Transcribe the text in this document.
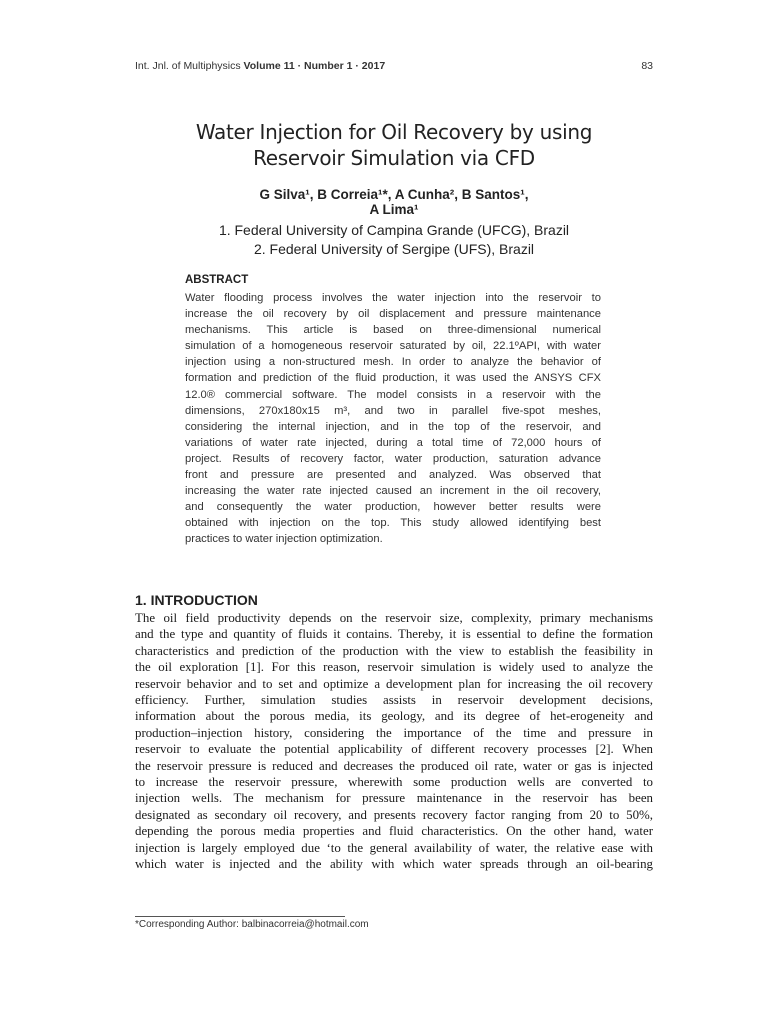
Int. Jnl. of Multiphysics Volume 11 · Number 1 · 2017	83
Water Injection for Oil Recovery by using
Reservoir Simulation via CFD
G Silva¹, B Correia¹*, A Cunha², B Santos¹,
A Lima¹
1. Federal University of Campina Grande (UFCG), Brazil
2. Federal University of Sergipe (UFS), Brazil
ABSTRACT
Water flooding process involves the water injection into the reservoir to
increase the oil recovery by oil displacement and pressure maintenance
mechanisms. This article is based on three-dimensional numerical
simulation of a homogeneous reservoir saturated by oil, 22.1ºAPI, with water
injection using a non-structured mesh. In order to analyze the behavior of
formation and prediction of the fluid production, it was used the ANSYS CFX
12.0® commercial software. The model consists in a reservoir with the
dimensions, 270x180x15 m³, and two in parallel five-spot meshes,
considering the internal injection, and in the top of the reservoir, and
variations of water rate injected, during a total time of 72,000 hours of
project. Results of recovery factor, water production, saturation advance
front and pressure are presented and analyzed. Was observed that
increasing the water rate injected caused an increment in the oil recovery,
and consequently the water production, however better results were
obtained with injection on the top. This study allowed identifying best
practices to water injection optimization.
1. INTRODUCTION
The oil field productivity depends on the reservoir size, complexity, primary mechanisms
and the type and quantity of fluids it contains. Thereby, it is essential to define the formation
characteristics and prediction of the production with the view to establish the feasibility in
the oil exploration [1]. For this reason, reservoir simulation is widely used to analyze the
reservoir behavior and to set and optimize a development plan for increasing the oil recovery
efficiency. Further, simulation studies assists in reservoir development decisions,
information about the porous media, its geology, and its degree of het-erogeneity and
production–injection history, considering the importance of the time and pressure in
reservoir to evaluate the potential applicability of different recovery processes [2]. When
the reservoir pressure is reduced and decreases the produced oil rate, water or gas is injected
to increase the reservoir pressure, wherewith some production wells are converted to
injection wells. The mechanism for pressure maintenance in the reservoir has been
designated as secondary oil recovery, and presents recovery factor ranging from 20 to 50%,
depending the porous media properties and fluid characteristics. On the other hand, water
injection is largely employed due ‘to the general availability of water, the relative ease with
which water is injected and the ability with which water spreads through an oil-bearing
*Corresponding Author: balbinacorreia@hotmail.com
